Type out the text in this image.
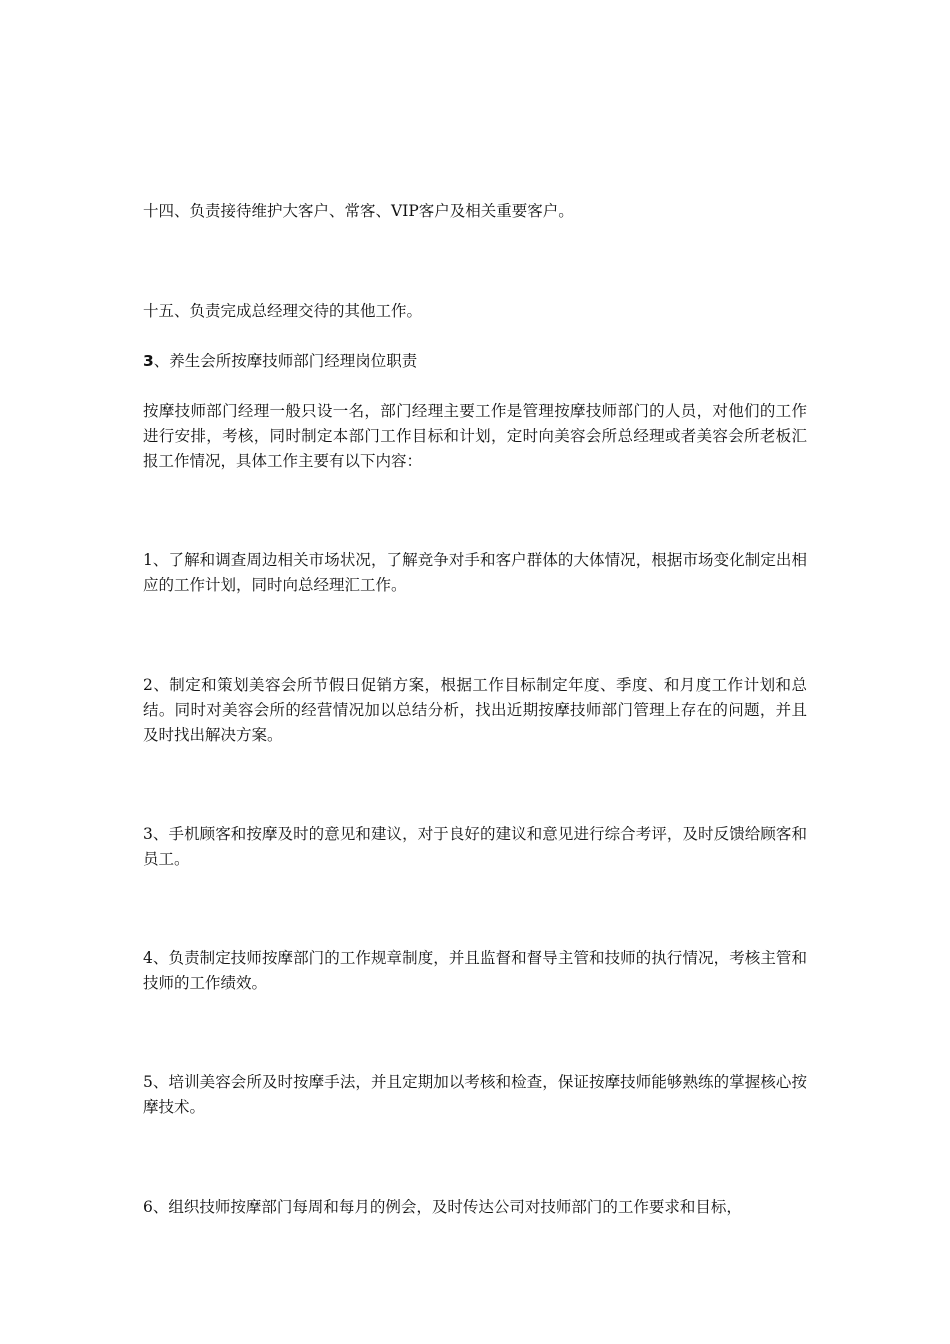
十四、负责接待维护大客户、常客、VIP客户及相关重要客户。

十五、负责完成总经理交待的其他工作。

3、养生会所按摩技师部门经理岗位职责

按摩技师部门经理一般只设一名，部门经理主要工作是管理按摩技师部门的人员，对他们的工作进行安排，考核，同时制定本部门工作目标和计划，定时向美容会所总经理或者美容会所老板汇报工作情况，具体工作主要有以下内容：

1、了解和调查周边相关市场状况，了解竞争对手和客户群体的大体情况，根据市场变化制定出相应的工作计划，同时向总经理汇工作。

2、制定和策划美容会所节假日促销方案，根据工作目标制定年度、季度、和月度工作计划和总结。同时对美容会所的经营情况加以总结分析，找出近期按摩技师部门管理上存在的问题，并且及时找出解决方案。

3、手机顾客和按摩及时的意见和建议，对于良好的建议和意见进行综合考评，及时反馈给顾客和员工。

4、负责制定技师按摩部门的工作规章制度，并且监督和督导主管和技师的执行情况，考核主管和技师的工作绩效。

5、培训美容会所及时按摩手法，并且定期加以考核和检查，保证按摩技师能够熟练的掌握核心按摩技术。

6、组织技师按摩部门每周和每月的例会，及时传达公司对技师部门的工作要求和目标，
